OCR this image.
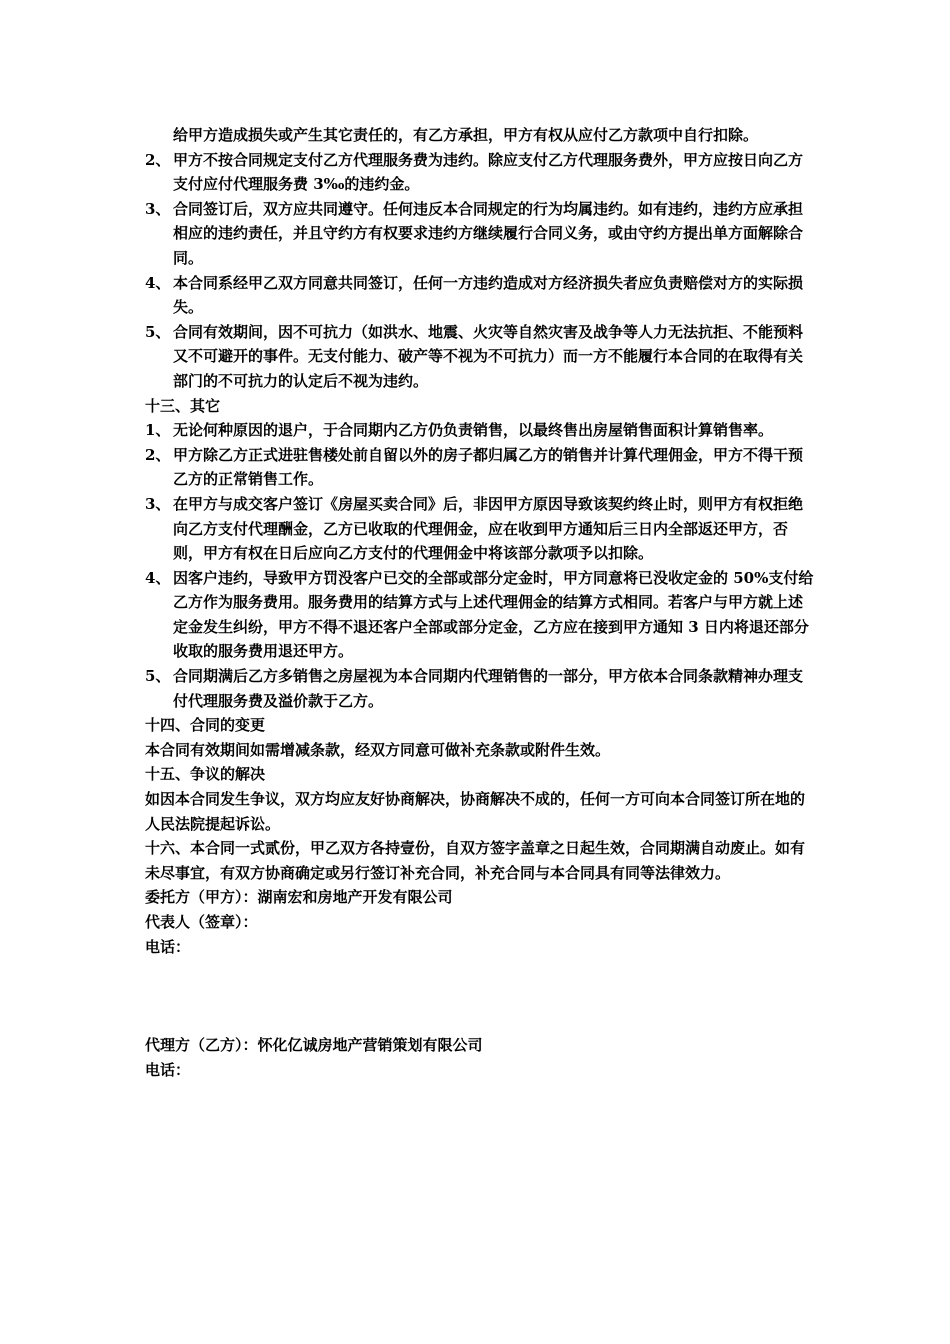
给甲方造成损失或产生其它责任的，有乙方承担，甲方有权从应付乙方款项中自行扣除。

2、 甲方不按合同规定支付乙方代理服务费为违约。除应支付乙方代理服务费外，甲方应按日向乙方支付应付代理服务费 3‰的违约金。

3、 合同签订后，双方应共同遵守。任何违反本合同规定的行为均属违约。如有违约，违约方应承担相应的违约责任，并且守约方有权要求违约方继续履行合同义务，或由守约方提出单方面解除合同。

4、 本合同系经甲乙双方同意共同签订，任何一方违约造成对方经济损失者应负责赔偿对方的实际损失。

5、 合同有效期间，因不可抗力（如洪水、地震、火灾等自然灾害及战争等人力无法抗拒、不能预料又不可避开的事件。无支付能力、破产等不视为不可抗力）而一方不能履行本合同的在取得有关部门的不可抗力的认定后不视为违约。

十三、其它

1、 无论何种原因的退户，于合同期内乙方仍负责销售，以最终售出房屋销售面积计算销售率。

2、 甲方除乙方正式进驻售楼处前自留以外的房子都归属乙方的销售并计算代理佣金，甲方不得干预乙方的正常销售工作。

3、 在甲方与成交客户签订《房屋买卖合同》后，非因甲方原因导致该契约终止时，则甲方有权拒绝向乙方支付代理酬金，乙方已收取的代理佣金，应在收到甲方通知后三日内全部返还甲方，否则，甲方有权在日后应向乙方支付的代理佣金中将该部分款项予以扣除。

4、 因客户违约，导致甲方罚没客户已交的全部或部分定金时，甲方同意将已没收定金的 50%支付给乙方作为服务费用。服务费用的结算方式与上述代理佣金的结算方式相同。若客户与甲方就上述定金发生纠纷，甲方不得不退还客户全部或部分定金，乙方应在接到甲方通知 3 日内将退还部分收取的服务费用退还甲方。

5、 合同期满后乙方多销售之房屋视为本合同期内代理销售的一部分，甲方依本合同条款精神办理支付代理服务费及溢价款于乙方。

十四、合同的变更

本合同有效期间如需增减条款，经双方同意可做补充条款或附件生效。

十五、争议的解决

如因本合同发生争议，双方均应友好协商解决，协商解决不成的，任何一方可向本合同签订所在地的人民法院提起诉讼。

十六、本合同一式贰份，甲乙双方各持壹份，自双方签字盖章之日起生效，合同期满自动废止。如有未尽事宜，有双方协商确定或另行签订补充合同，补充合同与本合同具有同等法律效力。

委托方（甲方）：湖南宏和房地产开发有限公司

代表人（签章）：

电话：

代理方（乙方）：怀化亿诚房地产营销策划有限公司

电话：
